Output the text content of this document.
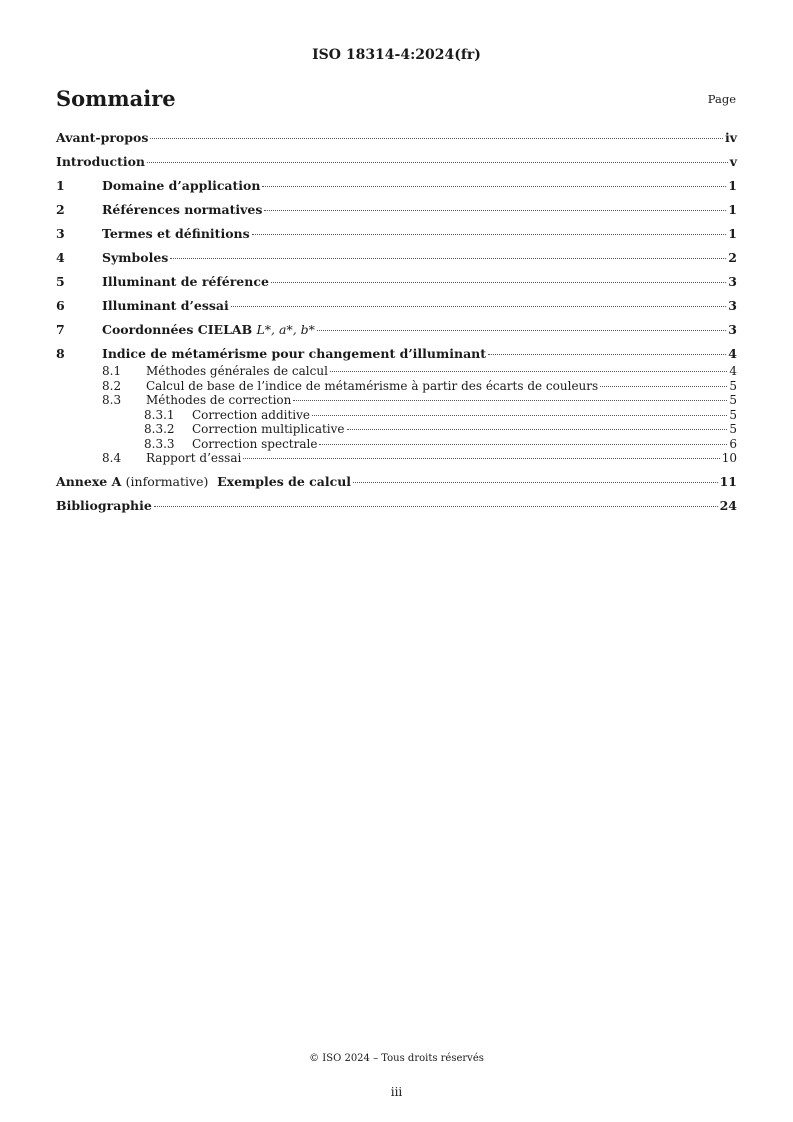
ISO 18314-4:2024(fr)
Sommaire	Page
Avant-propos	iv
Introduction	v
1	Domaine d’application	1
2	Références normatives	1
3	Termes et définitions	1
4	Symboles	2
5	Illuminant de référence	3
6	Illuminant d’essai	3
7	Coordonnées CIELAB L*, a*, b*	3
8	Indice de métamérisme pour changement d’illuminant	4
8.1	Méthodes générales de calcul	4
8.2	Calcul de base de l’indice de métamérisme à partir des écarts de couleurs	5
8.3	Méthodes de correction	5
8.3.1	Correction additive	5
8.3.2	Correction multiplicative	5
8.3.3	Correction spectrale	6
8.4	Rapport d’essai	10
Annexe A (informative) Exemples de calcul	11
Bibliographie	24
© ISO 2024 – Tous droits réservés
iii
